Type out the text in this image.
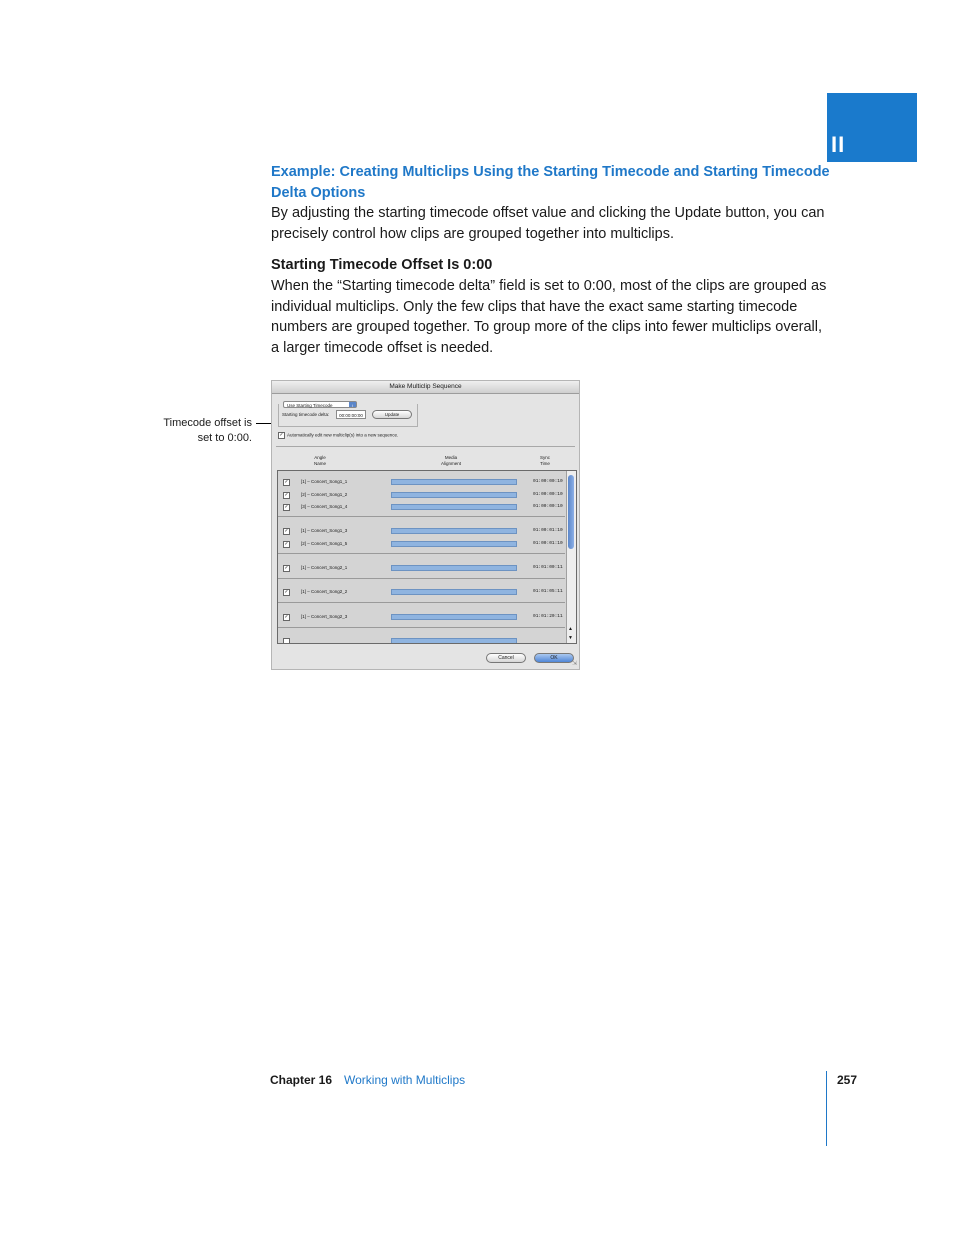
II
Example: Creating Multiclips Using the Starting Timecode and Starting Timecode Delta Options
By adjusting the starting timecode offset value and clicking the Update button, you can precisely control how clips are grouped together into multiclips.
Starting Timecode Offset Is 0:00
When the “Starting timecode delta” field is set to 0:00, most of the clips are grouped as individual multiclips. Only the few clips that have the exact same starting timecode numbers are grouped together. To group more of the clips into fewer multiclips overall, a larger timecode offset is needed.
Timecode offset is set to 0:00.
Make Multiclip Sequence
Use Starting Timecode	↕
Starting timecode delta:	00:00:00:00	Update
✓ Automatically edit new multiclip(s) into a new sequence.
Angle Name
Media Alignment
Sync Time
✓	[1] – Concert_Song1_1	01:00:00:10
✓	[2] – Concert_Song1_2	01:00:00:10
✓	[3] – Concert_Song1_4	01:00:00:10
✓	[1] – Concert_Song1_3	01:00:01:10
✓	[2] – Concert_Song1_5	01:00:01:10
✓	[1] – Concert_Song2_1	01:01:00:11
✓	[1] – Concert_Song2_2	01:01:05:11
✓	[1] – Concert_Song2_3	01:01:20:11
▲
▼
Cancel	OK
⇲
Chapter 16 Working with Multiclips	257
